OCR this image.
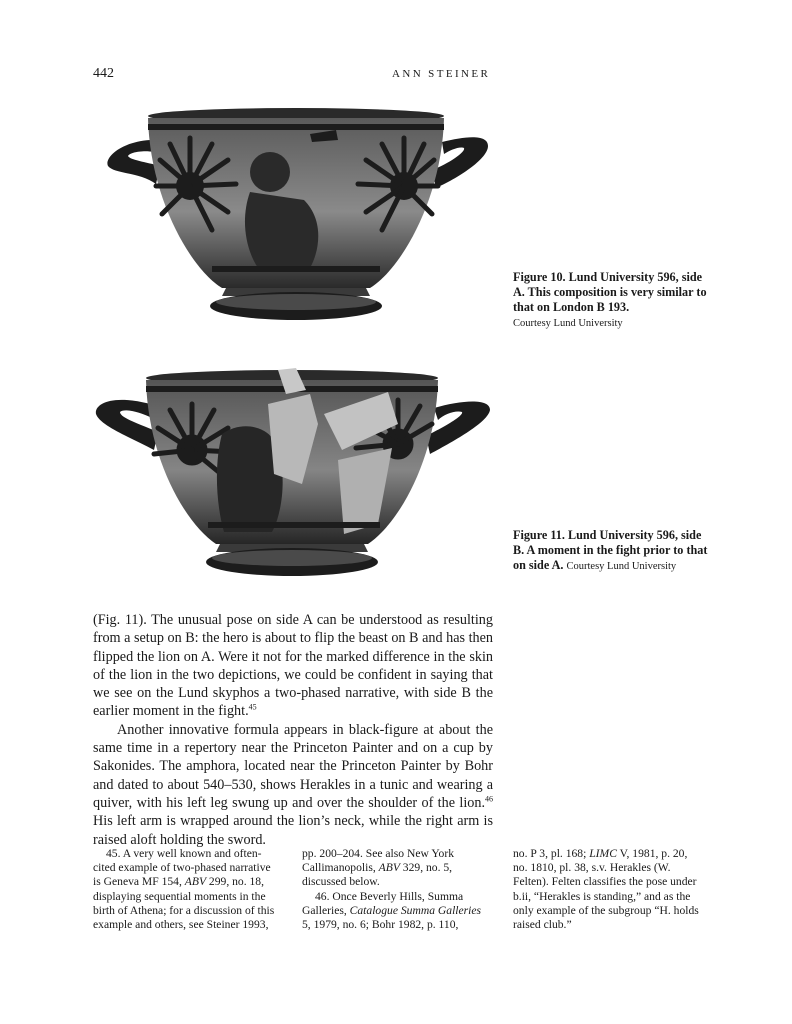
442	ANN STEINER
Figure 10. Lund University 596, side A. This composition is very similar to that on London B 193.
Courtesy Lund University
Figure 11. Lund University 596, side B. A moment in the fight prior to that on side A. Courtesy Lund University

(Fig. 11). The unusual pose on side A can be understood as resulting from a setup on B: the hero is about to flip the beast on B and has then flipped the lion on A. Were it not for the marked difference in the skin of the lion in the two depictions, we could be confident in saying that we see on the Lund skyphos a two-phased narrative, with side B the earlier moment in the fight.$^{45}$

Another innovative formula appears in black-figure at about the same time in a repertory near the Princeton Painter and on a cup by Sakonides. The amphora, located near the Princeton Painter by Bohr and dated to about 540–530, shows Herakles in a tunic and wearing a quiver, with his left leg swung up and over the shoulder of the lion.$^{46}$ His left arm is wrapped around the lion’s neck, while the right arm is raised aloft holding the sword.

45. A very well known and often-cited example of two-phased narrative is Geneva MF 154, ABV 299, no. 18, displaying sequential moments in the birth of Athena; for a discussion of this example and others, see Steiner 1993,

pp. 200–204. See also New York Callimanopolis, ABV 329, no. 5, discussed below.

46. Once Beverly Hills, Summa Galleries, Catalogue Summa Galleries 5, 1979, no. 6; Bohr 1982, p. 110,

no. P 3, pl. 168; LIMC V, 1981, p. 20, no. 1810, pl. 38, s.v. Herakles (W. Felten). Felten classifies the pose under b.ii, “Herakles is standing,” and as the only example of the subgroup “H. holds raised club.”
